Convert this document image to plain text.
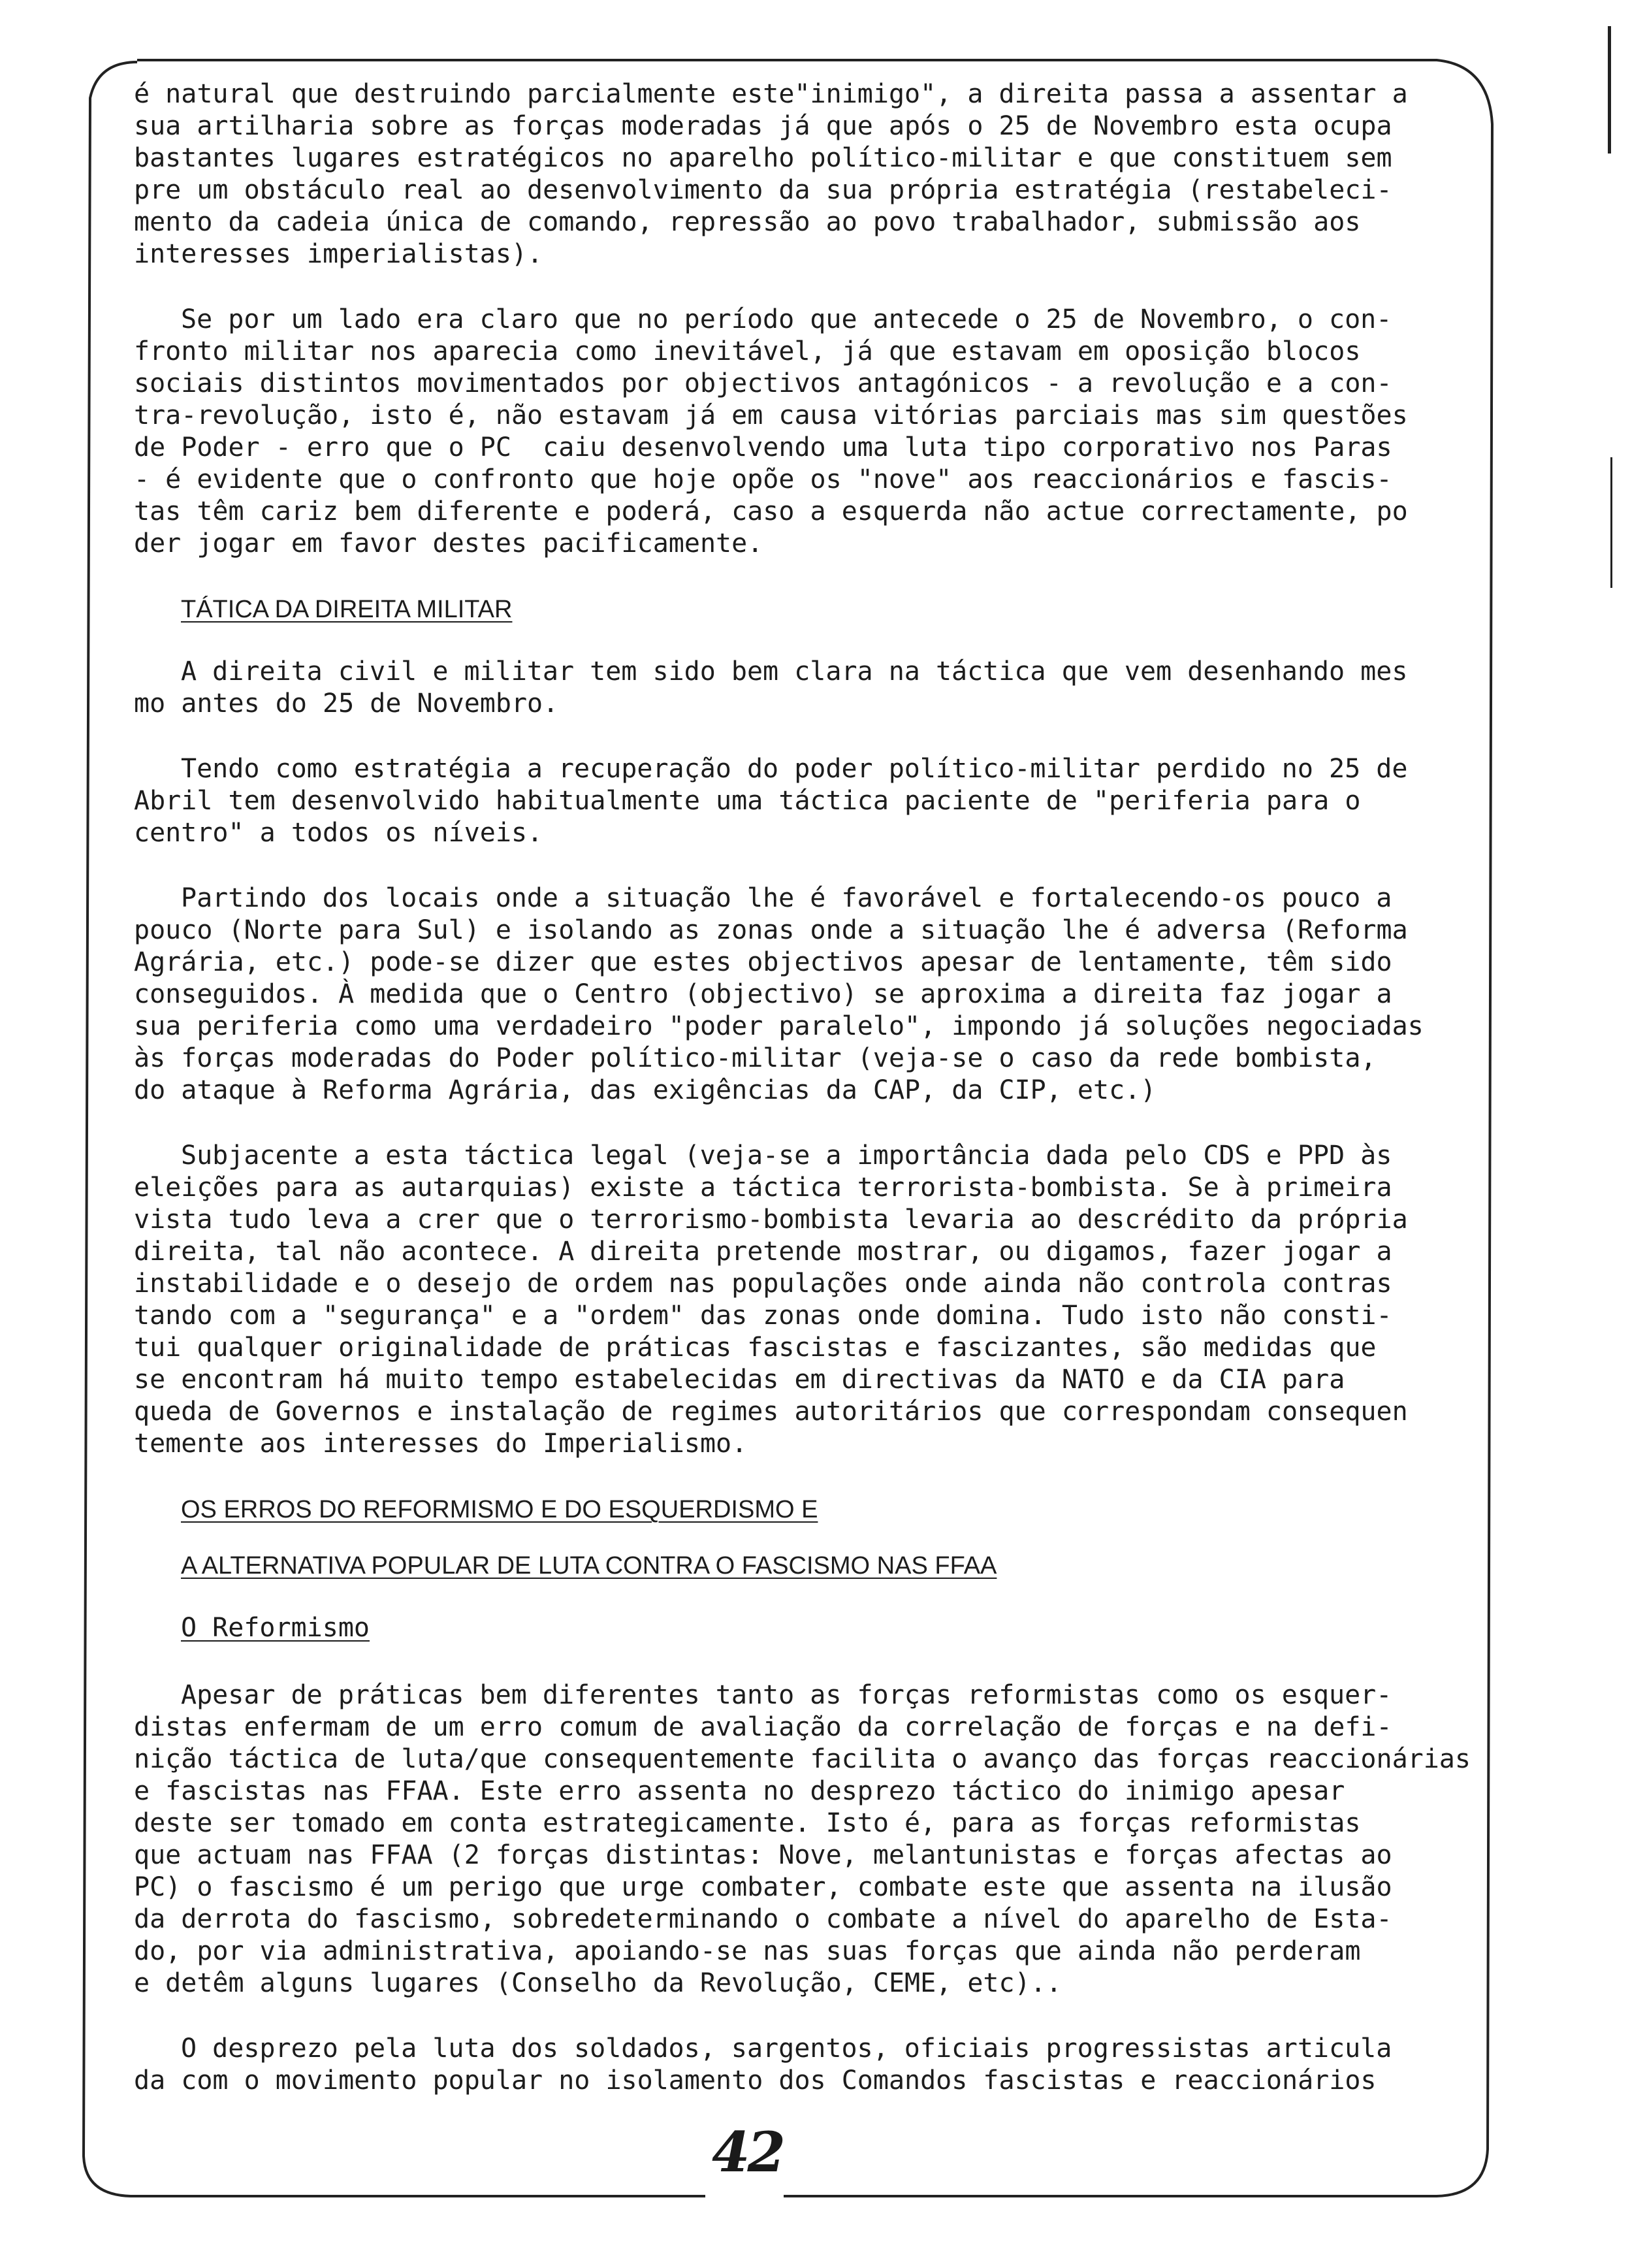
é natural que destruindo parcialmente este"inimigo", a direita passa a assentar a
sua artilharia sobre as forças moderadas já que após o 25 de Novembro esta ocupa
bastantes lugares estratégicos no aparelho político-militar e que constituem sem
pre um obstáculo real ao desenvolvimento da sua própria estratégia (restabeleci-
mento da cadeia única de comando, repressão ao povo trabalhador, submissão aos
interesses imperialistas).
Se por um lado era claro que no período que antecede o 25 de Novembro, o con-
fronto militar nos aparecia como inevitável, já que estavam em oposição blocos
sociais distintos movimentados por objectivos antagónicos - a revolução e a con-
tra-revolução, isto é, não estavam já em causa vitórias parciais mas sim questões
de Poder - erro que o PC  caiu desenvolvendo uma luta tipo corporativo nos Paras
- é evidente que o confronto que hoje opõe os "nove" aos reaccionários e fascis-
tas têm cariz bem diferente e poderá, caso a esquerda não actue correctamente, po
der jogar em favor destes pacificamente.
TÁTICA DA DIREITA MILITAR
A direita civil e militar tem sido bem clara na táctica que vem desenhando mes
mo antes do 25 de Novembro.
Tendo como estratégia a recuperação do poder político-militar perdido no 25 de
Abril tem desenvolvido habitualmente uma táctica paciente de "periferia para o
centro" a todos os níveis.
Partindo dos locais onde a situação lhe é favorável e fortalecendo-os pouco a
pouco (Norte para Sul) e isolando as zonas onde a situação lhe é adversa (Reforma
Agrária, etc.) pode-se dizer que estes objectivos apesar de lentamente, têm sido
conseguidos. À medida que o Centro (objectivo) se aproxima a direita faz jogar a
sua periferia como uma verdadeiro "poder paralelo", impondo já soluções negociadas
às forças moderadas do Poder político-militar (veja-se o caso da rede bombista,
do ataque à Reforma Agrária, das exigências da CAP, da CIP, etc.)
Subjacente a esta táctica legal (veja-se a importância dada pelo CDS e PPD às
eleições para as autarquias) existe a táctica terrorista-bombista. Se à primeira
vista tudo leva a crer que o terrorismo-bombista levaria ao descrédito da própria
direita, tal não acontece. A direita pretende mostrar, ou digamos, fazer jogar a
instabilidade e o desejo de ordem nas populações onde ainda não controla contras
tando com a "segurança" e a "ordem" das zonas onde domina. Tudo isto não consti-
tui qualquer originalidade de práticas fascistas e fascizantes, são medidas que
se encontram há muito tempo estabelecidas em directivas da NATO e da CIA para
queda de Governos e instalação de regimes autoritários que correspondam consequen
temente aos interesses do Imperialismo.
OS ERROS DO REFORMISMO E DO ESQUERDISMO E
A ALTERNATIVA POPULAR DE LUTA CONTRA O FASCISMO NAS FFAA
O Reformismo
Apesar de práticas bem diferentes tanto as forças reformistas como os esquer-
distas enfermam de um erro comum de avaliação da correlação de forças e na defi-
nição táctica de luta/que consequentemente facilita o avanço das forças reaccionárias
e fascistas nas FFAA. Este erro assenta no desprezo táctico do inimigo apesar
deste ser tomado em conta estrategicamente. Isto é, para as forças reformistas
que actuam nas FFAA (2 forças distintas: Nove, melantunistas e forças afectas ao
PC) o fascismo é um perigo que urge combater, combate este que assenta na ilusão
da derrota do fascismo, sobredeterminando o combate a nível do aparelho de Esta-
do, por via administrativa, apoiando-se nas suas forças que ainda não perderam
e detêm alguns lugares (Conselho da Revolução, CEME, etc)..
O desprezo pela luta dos soldados, sargentos, oficiais progressistas articula
da com o movimento popular no isolamento dos Comandos fascistas e reaccionários
42
